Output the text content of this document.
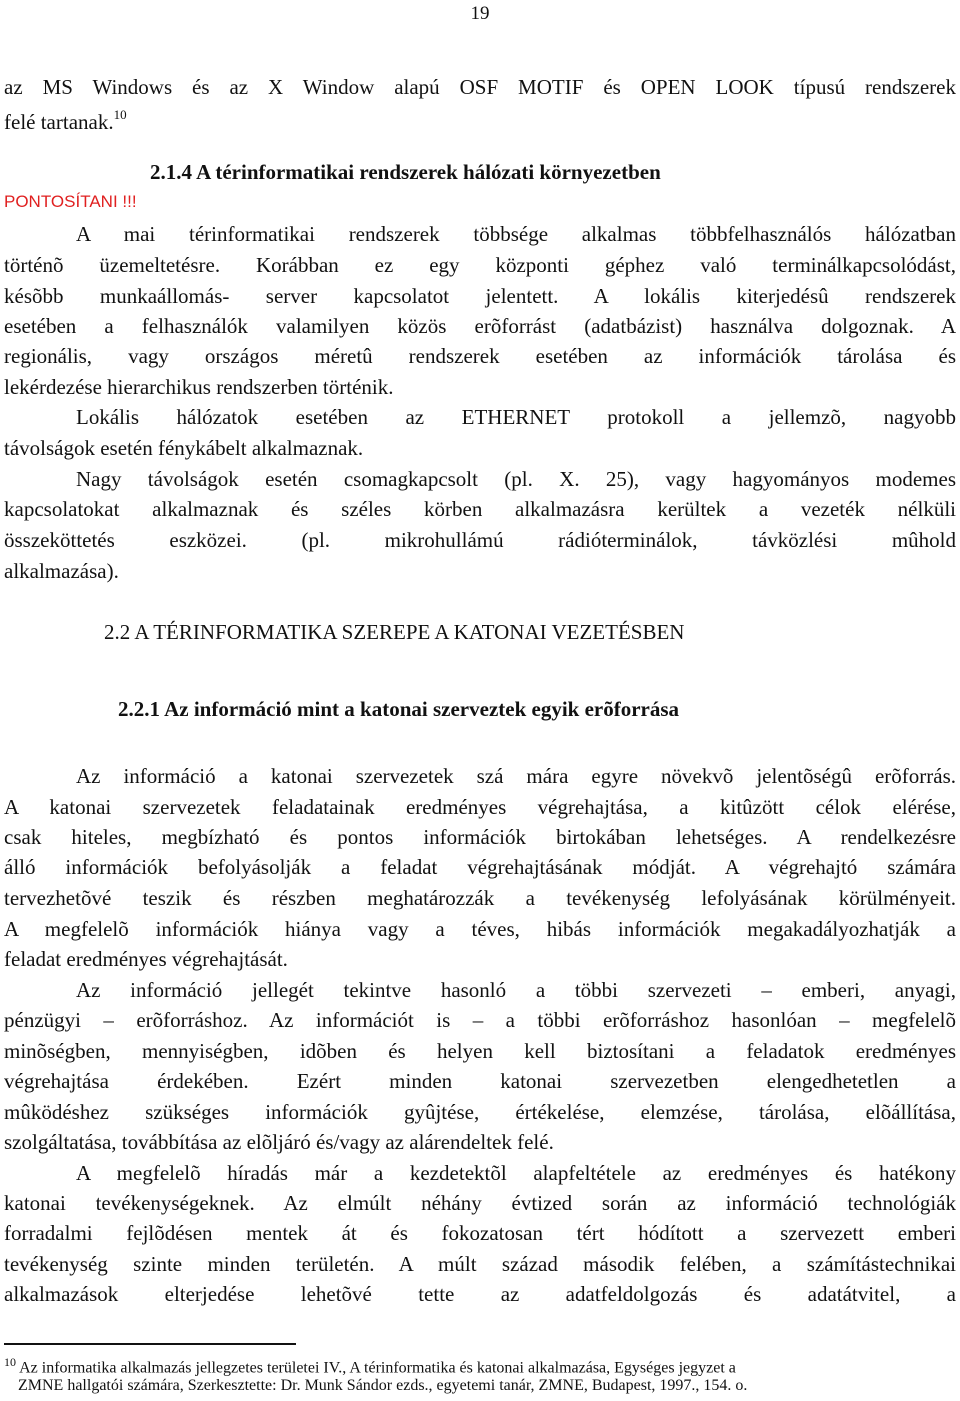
19
az MS Windows és az X Window alapú OSF MOTIF és OPEN LOOK típusú rendszerek
felé tartanak.$^{10}$
2.1.4 A térinformatikai rendszerek hálózati környezetben
PONTOSÍTANI !!!
A mai térinformatikai rendszerek többsége alkalmas többfelhasználós hálózatban
történõ üzemeltetésre. Korábban ez egy központi géphez való terminálkapcsolódást,
késõbb munkaállomás- server kapcsolatot jelentett. A lokális kiterjedésû rendszerek
esetében a felhasználók valamilyen közös erõforrást (adatbázist) használva dolgoznak. A
regionális, vagy országos méretû rendszerek esetében az információk tárolása és
lekérdezése hierarchikus rendszerben történik.
Lokális hálózatok esetében az ETHERNET protokoll a jellemzõ, nagyobb
távolságok esetén fénykábelt alkalmaznak.
Nagy távolságok esetén csomagkapcsolt (pl. X. 25), vagy hagyományos modemes
kapcsolatokat alkalmaznak és széles körben alkalmazásra kerültek a vezeték nélküli
összeköttetés eszközei. (pl. mikrohullámú rádióterminálok, távközlési mûhold
alkalmazása).
2.2 A TÉRINFORMATIKA SZEREPE A KATONAI VEZETÉSBEN
2.2.1 Az információ mint a katonai szerveztek egyik erõforrása
Az információ a katonai szervezetek szá mára egyre növekvõ jelentõségû erõforrás.
A katonai szervezetek feladatainak eredményes végrehajtása, a kitûzött célok elérése,
csak hiteles, megbízható és pontos információk birtokában lehetséges. A rendelkezésre
álló információk befolyásolják a feladat végrehajtásának módját. A végrehajtó számára
tervezhetõvé teszik és részben meghatározzák a tevékenység lefolyásának körülményeit.
A megfelelõ információk hiánya vagy a téves, hibás információk megakadályozhatják a
feladat eredményes végrehajtását.
Az információ jellegét tekintve hasonló a többi szervezeti – emberi, anyagi,
pénzügyi – erõforráshoz. Az információt is – a többi erõforráshoz hasonlóan – megfelelõ
minõségben, mennyiségben, idõben és helyen kell biztosítani a feladatok eredményes
végrehajtása érdekében. Ezért minden katonai szervezetben elengedhetetlen a
mûködéshez szükséges információk gyûjtése, értékelése, elemzése, tárolása, elõállítása,
szolgáltatása, továbbítása az elõljáró és/vagy az alárendeltek felé.
A megfelelõ híradás már a kezdetektõl alapfeltétele az eredményes és hatékony
katonai tevékenységeknek. Az elmúlt néhány évtized során az információ technológiák
forradalmi fejlõdésen mentek át és fokozatosan tért hódított a szervezett emberi
tevékenység szinte minden területén. A múlt század második felében, a számítástechnikai
alkalmazások elterjedése lehetõvé tette az adatfeldolgozás és adatátvitel, a
$^{10}$ Az informatika alkalmazás jellegzetes területei IV., A térinformatika és katonai alkalmazása, Egységes jegyzet a
ZMNE hallgatói számára, Szerkesztette: Dr. Munk Sándor ezds., egyetemi tanár, ZMNE, Budapest, 1997., 154. o.
